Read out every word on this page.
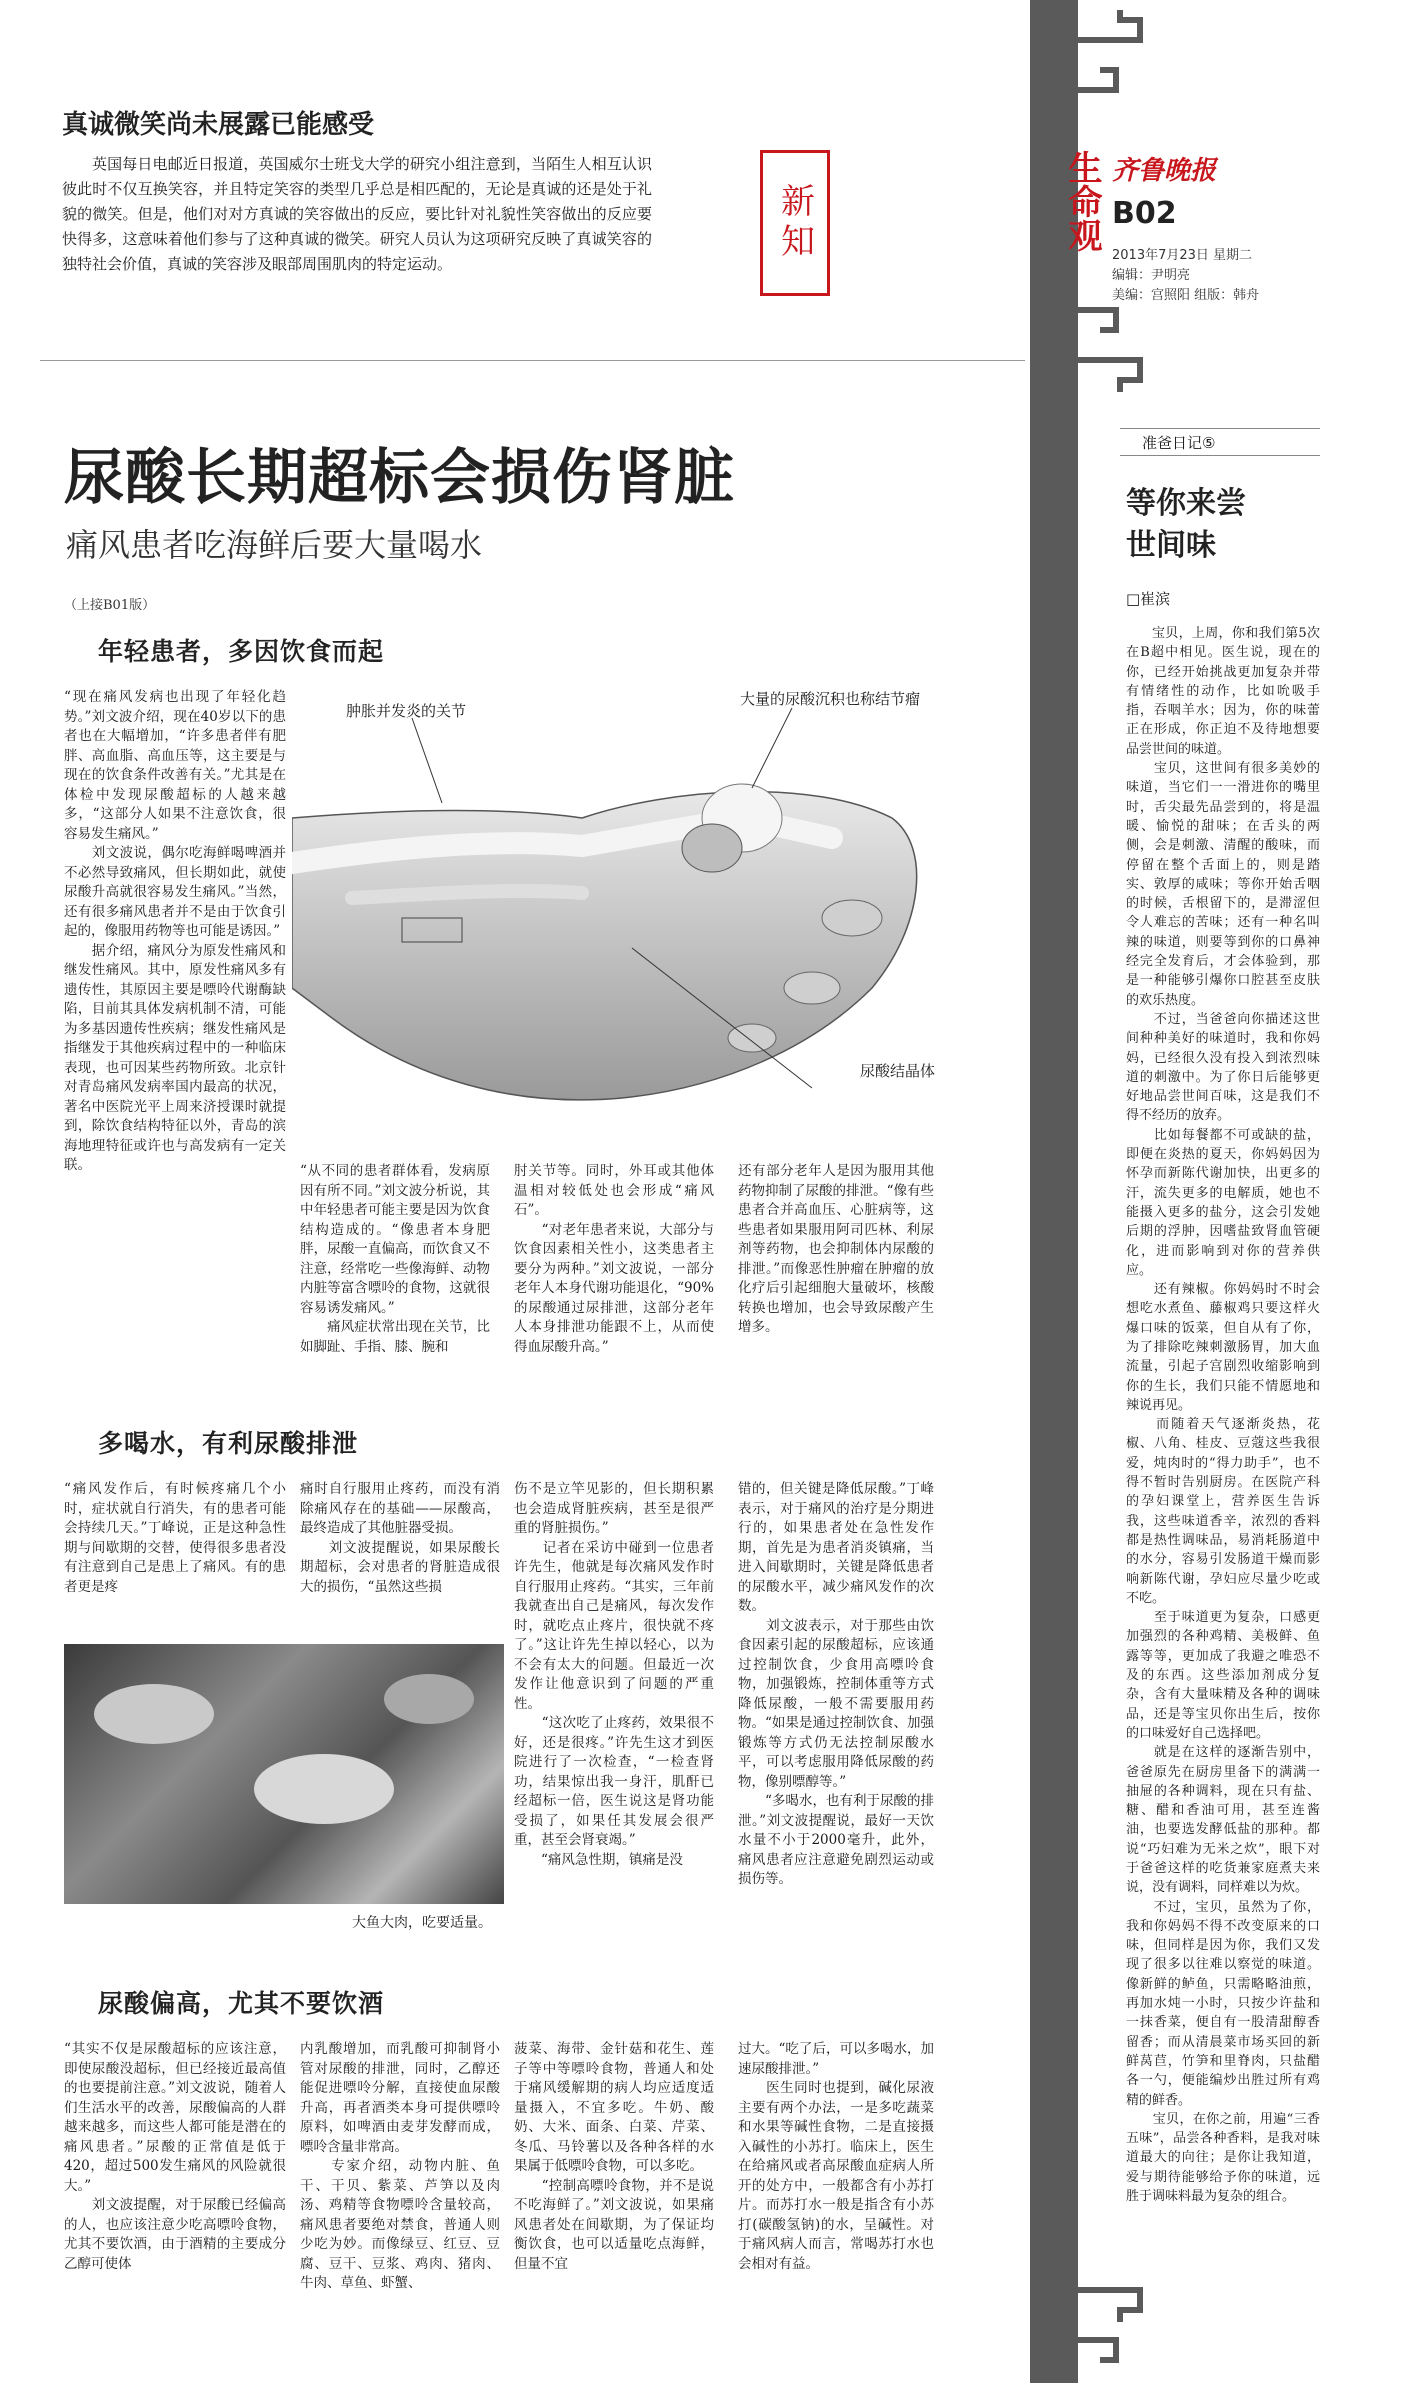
生命观 齐鲁晚报
B02
2013年7月23日 星期二
编辑：尹明亮
美编：宫照阳 组版：韩舟
真诚微笑尚未展露已能感受
英国每日电邮近日报道，英国威尔士班戈大学的研究小组注意到，当陌生人相互认识彼此时不仅互换笑容，并且特定笑容的类型几乎总是相匹配的，无论是真诚的还是处于礼貌的微笑。但是，他们对对方真诚的笑容做出的反应，要比针对礼貌性笑容做出的反应要快得多，这意味着他们参与了这种真诚的微笑。研究人员认为这项研究反映了真诚笑容的独特社会价值，真诚的笑容涉及眼部周围肌肉的特定运动。
新知
尿酸长期超标会损伤肾脏
痛风患者吃海鲜后要大量喝水
（上接B01版）
年轻患者，多因饮食而起
“现在痛风发病也出现了年轻化趋势。”刘文波介绍，现在40岁以下的患者也在大幅增加，“许多患者伴有肥胖、高血脂、高血压等，这主要是与现在的饮食条件改善有关。”尤其是在体检中发现尿酸超标的人越来越多，“这部分人如果不注意饮食，很容易发生痛风。”
　　刘文波说，偶尔吃海鲜喝啤酒并不必然导致痛风，但长期如此，就使尿酸升高就很容易发生痛风。”当然，还有很多痛风患者并不是由于饮食引起的，像服用药物等也可能是诱因。”
　　据介绍，痛风分为原发性痛风和继发性痛风。其中，原发性痛风多有遗传性，其原因主要是嘌呤代谢酶缺陷，目前其具体发病机制不清，可能为多基因遗传性疾病；继发性痛风是指继发于其他疾病过程中的一种临床表现，也可因某些药物所致。北京针对青岛痛风发病率国内最高的状况，著名中医院光平上周来济授课时就提到，除饮食结构特征以外，青岛的滨海地理特征或许也与高发病有一定关联。
肿胀并发炎的关节
大量的尿酸沉积也称结节瘤
尿酸结晶体
“从不同的患者群体看，发病原因有所不同。”刘文波分析说，其中年轻患者可能主要是因为饮食结构造成的。“像患者本身肥胖，尿酸一直偏高，而饮食又不注意，经常吃一些像海鲜、动物内脏等富含嘌呤的食物，这就很容易诱发痛风。”
　　痛风症状常出现在关节，比如脚趾、手指、膝、腕和
肘关节等。同时，外耳或其他体温相对较低处也会形成“痛风石”。
　　“对老年患者来说，大部分与饮食因素相关性小，这类患者主要分为两种。”刘文波说，一部分老年人本身代谢功能退化，“90%的尿酸通过尿排泄，这部分老年人本身排泄功能跟不上，从而使得血尿酸升高。”
还有部分老年人是因为服用其他药物抑制了尿酸的排泄。“像有些患者合并高血压、心脏病等，这些患者如果服用阿司匹林、利尿剂等药物，也会抑制体内尿酸的排泄。”而像恶性肿瘤在肿瘤的放化疗后引起细胞大量破坏，核酸转换也增加，也会导致尿酸产生增多。
多喝水，有利尿酸排泄
“痛风发作后，有时候疼痛几个小时，症状就自行消失，有的患者可能会持续几天。”丁峰说，正是这种急性期与间歇期的交替，使得很多患者没有注意到自己是患上了痛风。有的患者更是疼
痛时自行服用止疼药，而没有消除痛风存在的基础——尿酸高，最终造成了其他脏器受损。
　　刘文波提醒说，如果尿酸长期超标，会对患者的肾脏造成很大的损伤，“虽然这些损
大鱼大肉，吃要适量。
伤不是立竿见影的，但长期积累也会造成肾脏疾病，甚至是很严重的肾脏损伤。”
　　记者在采访中碰到一位患者许先生，他就是每次痛风发作时自行服用止疼药。“其实，三年前我就查出自己是痛风，每次发作时，就吃点止疼片，很快就不疼了。”这让许先生掉以轻心，以为不会有太大的问题。但最近一次发作让他意识到了问题的严重性。
　　“这次吃了止疼药，效果很不好，还是很疼。”许先生这才到医院进行了一次检查，“一检查肾功，结果惊出我一身汗，肌酐已经超标一倍，医生说这是肾功能受损了，如果任其发展会很严重，甚至会肾衰竭。”
　　“痛风急性期，镇痛是没
错的，但关键是降低尿酸。”丁峰表示，对于痛风的治疗是分期进行的，如果患者处在急性发作期，首先是为患者消炎镇痛，当进入间歇期时，关键是降低患者的尿酸水平，减少痛风发作的次数。
　　刘文波表示，对于那些由饮食因素引起的尿酸超标，应该通过控制饮食，少食用高嘌呤食物，加强锻炼，控制体重等方式降低尿酸，一般不需要服用药物。“如果是通过控制饮食、加强锻炼等方式仍无法控制尿酸水平，可以考虑服用降低尿酸的药物，像别嘌醇等。”
　　“多喝水，也有利于尿酸的排泄。”刘文波提醒说，最好一天饮水量不小于2000毫升，此外，痛风患者应注意避免剧烈运动或损伤等。
尿酸偏高，尤其不要饮酒
“其实不仅是尿酸超标的应该注意，即使尿酸没超标，但已经接近最高值的也要提前注意。”刘文波说，随着人们生活水平的改善，尿酸偏高的人群越来越多，而这些人都可能是潜在的痛风患者。”尿酸的正常值是低于420，超过500发生痛风的风险就很大。”
　　刘文波提醒，对于尿酸已经偏高的人，也应该注意少吃高嘌呤食物，尤其不要饮酒，由于酒精的主要成分乙醇可使体
内乳酸增加，而乳酸可抑制肾小管对尿酸的排泄，同时，乙醇还能促进嘌呤分解，直接使血尿酸升高，再者酒类本身可提供嘌呤原料，如啤酒由麦芽发酵而成，嘌呤含量非常高。
　　专家介绍，动物内脏、鱼干、干贝、紫菜、芦笋以及肉汤、鸡精等食物嘌呤含量较高，痛风患者要绝对禁食，普通人则少吃为妙。而像绿豆、红豆、豆腐、豆干、豆浆、鸡肉、猪肉、牛肉、草鱼、虾蟹、
菠菜、海带、金针菇和花生、莲子等中等嘌呤食物，普通人和处于痛风缓解期的病人均应适度适量摄入，不宜多吃。牛奶、酸奶、大米、面条、白菜、芹菜、冬瓜、马铃薯以及各种各样的水果属于低嘌呤食物，可以多吃。
　　“控制高嘌呤食物，并不是说不吃海鲜了。”刘文波说，如果痛风患者处在间歇期，为了保证均衡饮食，也可以适量吃点海鲜，但量不宜
过大。“吃了后，可以多喝水，加速尿酸排泄。”
　　医生同时也提到，碱化尿液主要有两个办法，一是多吃蔬菜和水果等碱性食物，二是直接摄入碱性的小苏打。临床上，医生在给痛风或者高尿酸血症病人所开的处方中，一般都含有小苏打片。而苏打水一般是指含有小苏打(碳酸氢钠)的水，呈碱性。对于痛风病人而言，常喝苏打水也会相对有益。
准爸日记⑤
等你来尝
世间味
□崔滨
宝贝，上周，你和我们第5次在B超中相见。医生说，现在的你，已经开始挑战更加复杂并带有情绪性的动作，比如吮吸手指，吞咽羊水；因为，你的味蕾正在形成，你正迫不及待地想要品尝世间的味道。
　　宝贝，这世间有很多美妙的味道，当它们一一滑进你的嘴里时，舌尖最先品尝到的，将是温暖、愉悦的甜味；在舌头的两侧，会是刺激、清醒的酸味，而停留在整个舌面上的，则是踏实、敦厚的咸味；等你开始舌咽的时候，舌根留下的，是滞涩但令人难忘的苦味；还有一种名叫辣的味道，则要等到你的口鼻神经完全发育后，才会体验到，那是一种能够引爆你口腔甚至皮肤的欢乐热度。
　　不过，当爸爸向你描述这世间种种美好的味道时，我和你妈妈，已经很久没有投入到浓烈味道的刺激中。为了你日后能够更好地品尝世间百味，这是我们不得不经历的放弃。
　　比如每餐都不可或缺的盐，即便在炎热的夏天，你妈妈因为怀孕而新陈代谢加快，出更多的汗，流失更多的电解质，她也不能摄入更多的盐分，这会引发她后期的浮肿，因嗜盐致肾血管硬化，进而影响到对你的营养供应。
　　还有辣椒。你妈妈时不时会想吃水煮鱼、藤椒鸡只要这样火爆口味的饭菜，但自从有了你，为了排除吃辣刺激肠胃，加大血流量，引起子宫剧烈收缩影响到你的生长，我们只能不情愿地和辣说再见。
　　而随着天气逐渐炎热，花椒、八角、桂皮、豆蔻这些我很爱，炖肉时的“得力助手”，也不得不暂时告别厨房。在医院产科的孕妇课堂上，营养医生告诉我，这些味道香辛，浓烈的香料都是热性调味品，易消耗肠道中的水分，容易引发肠道干燥而影响新陈代谢，孕妇应尽量少吃或不吃。
　　至于味道更为复杂，口感更加强烈的各种鸡精、美极鲜、鱼露等等，更加成了我避之唯恐不及的东西。这些添加剂成分复杂，含有大量味精及各种的调味品，还是等宝贝你出生后，按你的口味爱好自己选择吧。
　　就是在这样的逐渐告别中，爸爸原先在厨房里备下的满满一抽屉的各种调料，现在只有盐、糖、醋和香油可用，甚至连酱油，也要选发酵低盐的那种。都说“巧妇难为无米之炊”，眼下对于爸爸这样的吃货兼家庭煮夫来说，没有调料，同样难以为炊。
　　不过，宝贝，虽然为了你，我和你妈妈不得不改变原来的口味，但同样是因为你，我们又发现了很多以往难以察觉的味道。像新鲜的鲈鱼，只需略略油煎，再加水炖一小时，只按少许盐和一抹香菜，便自有一股清甜醇香留香；而从清晨菜市场买回的新鲜莴苣，竹笋和里脊肉，只盐醋各一勺，便能编炒出胜过所有鸡精的鲜香。
　　宝贝，在你之前，用遍“三香五味”，品尝各种香料，是我对味道最大的向往；是你让我知道，爱与期待能够给予你的味道，远胜于调味料最为复杂的组合。
